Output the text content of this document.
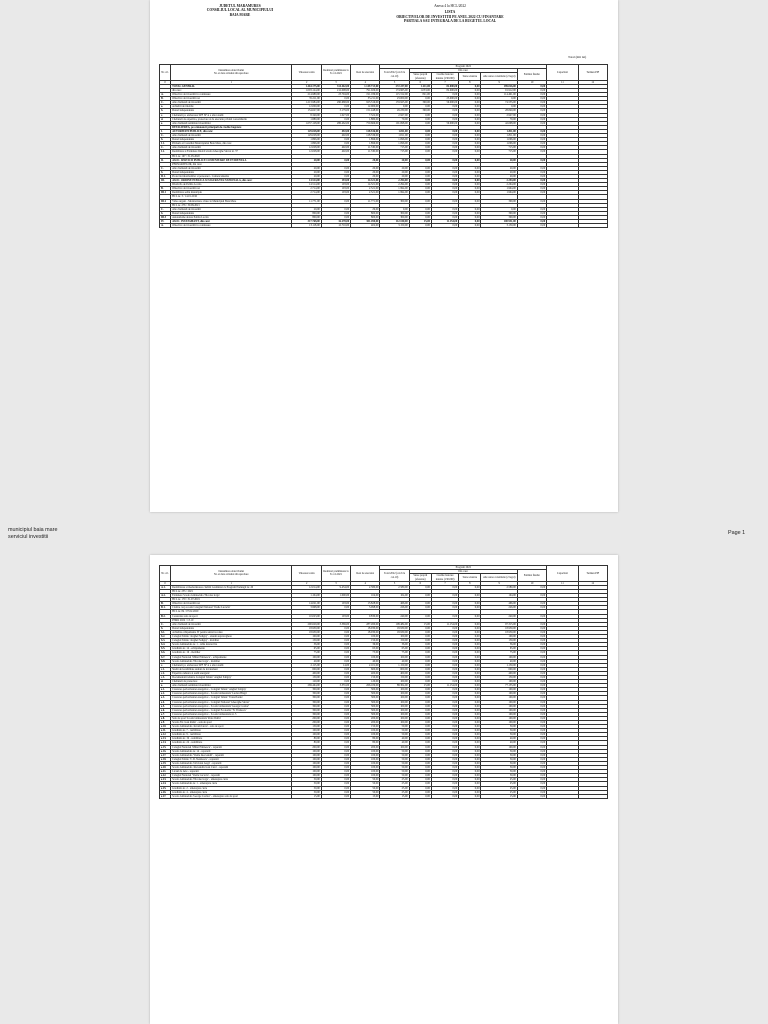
JUDETUL MARAMURES
CONSILIUL LOCAL AL MUNICIPIULUI
BAIA MARE
Anexa 4 la HCL/2022
LISTA
OBIECTIVELOR DE INVESTITII PE ANUL 2022 CU FINANTARE
PARTIALA SAU INTEGRALA DE LA BUGETUL LOCAL
Total (mii lei)
Nr. crt.	Denumirea obiectivului
Nr. si data avizului din aprobare	Valoarea totala	Realizari preliminare la 31.12.2021	Rest de executat	Program 2022						Capacitati	Termen PIF
					Total 2022 (col.6 la col.10)	Din care:				Estimat finaliz.		
						Surse proprii (aferente)	Credite bancare interne (130.000)	Surse externe	Alte surse constituite (2 legal)			
0	1	2	3	4	5	6	7	8	9	10	11	12
	TOTAL GENERAL	1.464.175,00	314.462,00	1.149.713,00	272.237,00	1.211,00	82.000,00	0,00	189.026,00	0,00		
	din care:	1.003.124,00	212.098,00	791.026,00	174.965,00	1.053,00	82.000,00	0,00	91.912,00	0,00		
A.	Obiective de investitii in continuare	214.980,00	23.794,00	191.186,00	115.312,00	821,00	0,00	0,00	114.491,00	0,00		
B.	Obiective de investitii noi	35.211,00	0,00	35.211,00	23.000,00	0,00	23.000,00	0,00	0,00	0,00		
C.	Alte cheltuieli de investitii	1.213.984,00	290.668,00	923.316,00	133.925,00	390,00	59.000,00	0,00	74.535,00	0,00		
a.	Achizitii de imobile	12.000,00	0,00	12.000,00	0,00	0,00	0,00	0,00	0,00	0,00		
b.	Dotari independente	154.627,00	3.179,00	151.448,00	29.230,00	390,00	0,00	0,00	28.840,00	0,00		
c.	Cheltuieli pt. elaborarea SPF SF si a altor studii	8.349,00	1.027,00	7.322,00	2.927,00	0,00	0,00	0,00	2.927,00	0,00		
d.	Cheltuieli de expertiza, proiectare si de executie privind consolidarile	1.880,00	0,00	1.880,00	70,00	0,00	0,00	0,00	70,00	0,00		
e.	Alte cheltuieli asimilate investitiilor	1.037.128,00	286.462,00	750.666,00	101.698,00	0,00	59.000,00	0,00	42.698,00	0,00		
	DETALIEREA, pe ordonatori principali de credite bugetare											
I.	AUTORITATI PUBLICE, din care:	129.028,00	492,00	128.536,00	1.811,00	0,00	0,00	0,00	1.811,00	0,00		
C.	Alte cheltuieli de investitii	129.028,00	492,00	128.536,00	1.811,00	0,00	0,00	0,00	1.811,00	0,00		
b.	Dotari independente	1.896,00	0,00	1.896,00	1.096,00	0,00	0,00	0,00	1.096,00	0,00		
I.1.	Primaria si Consiliul Municipiului Baia Mare, din care:	1.896,00	0,00	1.896,00	1.096,00	0,00	0,00	0,00	1.096,00	0,00		
C.	Alte cheltuieli de investitii	12.028,00	492,00	11.536,00	715,00	0,00	0,00	0,00	715,00	0,00		
I.2.	Reabilitare si Extindere Imobil strada Gheorghe Sincai nr. 37	12.028,00	492,00	11.536,00	715,00	0,00	0,00	0,00	715,00	0,00		
	HCL nr. 197 / 31.05.2020											
II.	ASOC. SERVICII PUBLICE COMUNITARE DE EVIDENTA A	20,00	0,00	20,00	20,00	0,00	0,00	0,00	20,00	0,00		
	PERSOANELOR, din care:											
C.	Alte cheltuieli de investitii	20,00	0,00	20,00	20,00	0,00	0,00	0,00	20,00	0,00		
b.	Dotari independente	20,00	0,00	20,00	20,00	0,00	0,00	0,00	20,00	0,00		
II.1.	Protectia informatiilor si persoanei - Camera/sisteme	20,00	0,00	20,00	20,00	0,00	0,00	0,00	20,00	0,00		
III.	ASOC. ORDINE PUBLICA SI SIGURANTA NATIONALA, din care:	14.514,00	193,00	14.321,00	2.294,00	0,00	0,00	0,00	2.294,00	0,00		
	DIALOG de Politia Locala	14.514,00	193,00	14.321,00	2.294,00	0,00	0,00	0,00	2.294,00	0,00		
B.	Obiective de investitii noi	2.714,00	193,00	2.521,00	1.994,00	0,00	0,00	0,00	1.994,00	0,00		
III.1	Reabilitare sediu municipiu	2.714,00	193,00	2.521,00	1.994,00	0,00	0,00	0,00	1.994,00	0,00		
	HCL nr. 3 / 14.01.2016											
III.2	Video urgent - Monitorizare video in Municipiul Baia Mare	11.771,00	0,00	11.771,00	300,00	0,00	0,00	0,00	300,00	0,00		
	HCL nr. 276 / 30.09.2021											
C.	Alte cheltuieli de investitii	29,00	0,00	29,00	0,00	0,00	0,00	0,00	0,00	0,00		
b.	Dotari independente	800,00	0,00	800,00	300,00	0,00	0,00	0,00	300,00	0,00		
III.3	Autoturisme dotare Politia Locala	800,00	0,00	800,00	300,00	0,00	0,00	0,00	300,00	0,00		
IV.	ASOC. INVATAMANT, din care:	317.768,00	16.278,00	301.490,00	112.100,00	15,00	11.154,00	0,00	100.931,00	0,00		
A.	Obiective de investitii in continuare	13.118,00	12.716,00	402,00	3.150,00	0,00	0,00	0,00	3.150,00	0,00		
Nr. crt.	Denumirea obiectivului
Nr. si data avizului din aprobare	Valoarea totala	Realizari preliminare la 31.12.2021	Rest de executat	Program 2022						Capacitati	Termen PIF
					Total 2022 (col.6 la col.10)	Din care:				Estimat finaliz.		
						Surse proprii (aferente)	Credite bancare interne (130.000)	Surse externe	Alte surse constituite (2 legal)			
0	1	2	3	4	5	6	7	8	9	10	11	12
A.1.	Reabilitarea si modernizarea cladirii Gradinitei cu Program Prelungit nr. 20	12.014,00	9.434,00	2.580,00	2.580,00	0,00	0,00	0,00	2.580,00	0,00		
	HCL nr. 235 / 2021											
A.2.	Extindere Scoala Gimnaziala 'Nicolae Iorga'	1.104,00	1.000,00	104,00	104,00	0,00	0,00	0,00	104,00	0,00		
	HCL nr. 170 / 31.07.2019											
B.	Obiective de investitii noi	14.021,00	193,00	13.828,00	466,00	0,00	0,00	0,00	466,00	0,00		
B.1.	Cladire corp scoala Colegiul National 'Vasile Lucaciu'	3.998,00	0,00	3.998,00	226,00	0,00	0,00	0,00	226,00	0,00		
	HCL nr. 84 / 07.02.2020											
B.2.	Construire sala de sport	10.023,00	193,00	9.830,00	240,00	0,00	0,00	0,00	240,00	0,00		
	PNRR 2022 / 13.10											
C.	Alte cheltuieli de investitii	290.629,00	3.369,00	287.260,00	108.484,00	15,00	11.154,00	0,00	97.315,00	0,00		
b.	Dotari independente	18.930,00	0,00	18.930,00	18.930,00	0,00	0,00	0,00	18.930,00	0,00		
b.1.	Achizitie echipamente IT pentru unitati scolare	18.930,00	0,00	18.930,00	18.930,00	0,00	0,00	0,00	18.930,00	0,00		
b.2.	Colegiul Tehnic 'Anghel Saligny' - sistem supraveghere	100,00	0,00	100,00	100,00	0,00	0,00	0,00	100,00	0,00		
b.3.	Colegiul Tehnic 'Anghel Saligny' - mobilier	150,00	0,00	150,00	150,00	0,00	0,00	0,00	150,00	0,00		
b.4.	Scoala Gimnaziala nr. 1 - tabla interactiva	36,00	0,00	36,00	36,00	0,00	0,00	0,00	36,00	0,00		
b.5.	Gradinita nr. 14 - echipamente	65,00	0,00	65,00	65,00	0,00	0,00	0,00	65,00	0,00		
b.6.	Gradinita nr. 16 - mobilier	75,00	0,00	75,00	75,00	0,00	0,00	0,00	75,00	0,00		
b.7.	Colegiul National 'Mihai Eminescu' - echipamente	100,00	0,00	100,00	100,00	0,00	0,00	0,00	100,00	0,00		
b.8.	Scoala Gimnaziala 'Nicolae Iorga' - mobilier	40,00	0,00	40,00	40,00	0,00	0,00	0,00	40,00	0,00		
c.	Cheltuieli pt. elaborarea SPF SF si a altor studii	2.115,00	14,00	2.101,00	1.150,00	0,00	0,00	0,00	1.150,00	0,00		
c.1.	Studii de fezabilitate unitati de invatamant	600,00	0,00	600,00	600,00	0,00	0,00	0,00	600,00	0,00		
c.2.	Expertiza tehnica si audit energetic	400,00	0,00	400,00	400,00	0,00	0,00	0,00	400,00	0,00		
c.3.	Documentatii tehnice Colegiul Tehnic 'Anghel Saligny'	150,00	0,00	150,00	150,00	0,00	0,00	0,00	150,00	0,00		
d.	Cheltuieli de proiectare	120,00	0,00	120,00	100,00	0,00	0,00	0,00	100,00	0,00		
e.	Alte cheltuieli asimilate investitiilor	269.464,00	3.355,00	266.109,00	88.304,00	15,00	11.154,00	0,00	77.135,00	0,00		
e.1.	Cresterea performantei energetice - Colegiul Tehnic 'Anghel Saligny'	300,00	0,00	300,00	100,00	0,00	0,00	0,00	100,00	0,00		
e.2.	Cresterea performantei energetice - Scoala Gimnaziala 'Lucian Blaga'	300,00	0,00	300,00	100,00	0,00	0,00	0,00	100,00	0,00		
e.3.	Cresterea performantei energetice - Colegiul Tehnic 'Transilvania'	300,00	0,00	300,00	100,00	0,00	0,00	0,00	100,00	0,00		
e.4.	Cresterea performantei energetice - Colegiul National 'Gheorghe Sincai'	300,00	0,00	300,00	100,00	0,00	0,00	0,00	100,00	0,00		
e.5.	Cresterea performantei energetice - Scoala Gimnaziala 'George Cosbuc'	300,00	0,00	300,00	100,00	0,00	0,00	0,00	100,00	0,00		
e.6.	Cresterea performantei energetice - Colegiul Economic 'N. Titulescu'	300,00	0,00	300,00	100,00	0,00	0,00	0,00	100,00	0,00		
e.7.	Cresterea performantei energetice - Scoala Gimnaziala nr. 5	300,00	0,00	300,00	100,00	0,00	0,00	0,00	100,00	0,00		
e.8.	Sala de sport Scoala Gimnaziala 'Petre Dulfu'	200,00	0,00	200,00	100,00	0,00	0,00	0,00	100,00	0,00		
e.9.	Scoala 'Dr. Ioan Ratiu' - sala de sport	200,00	0,00	200,00	100,00	0,00	0,00	0,00	100,00	0,00		
e.10.	Scoala Gimnaziala 'Avram Iancu' - sala de sport	150,00	0,00	150,00	50,00	0,00	0,00	0,00	50,00	0,00		
e.11.	Gradinita nr. 7 - reabilitare	100,00	0,00	100,00	50,00	0,00	0,00	0,00	50,00	0,00		
e.12.	Gradinita nr. 9 - reabilitare	100,00	0,00	100,00	50,00	0,00	0,00	0,00	50,00	0,00		
e.13.	Gradinita nr. 19 - reabilitare	80,00	0,00	80,00	40,00	0,00	0,00	0,00	40,00	0,00		
e.14.	Gradinita nr. 24 - reabilitare	80,00	0,00	80,00	40,00	0,00	0,00	0,00	40,00	0,00		
e.15.	Colegiul National 'Mihai Eminescu' - reparatii	200,00	0,00	200,00	100,00	0,00	0,00	0,00	100,00	0,00		
e.16.	Scoala Gimnaziala nr. 14 - reparatii	100,00	0,00	100,00	50,00	0,00	0,00	0,00	50,00	0,00		
e.17.	Scoala Gimnaziala 'Vasile Alecsandri' - reparatii	100,00	0,00	100,00	50,00	0,00	0,00	0,00	50,00	0,00		
e.18.	Colegiul Tehnic 'C.D. Nenitescu' - reparatii	100,00	0,00	100,00	50,00	0,00	0,00	0,00	50,00	0,00		
e.19.	Scoala Gimnaziala 'Octavian Goga' - reparatii	100,00	0,00	100,00	50,00	0,00	0,00	0,00	50,00	0,00		
e.20.	Scoala Gimnaziala 'Alexandru Ioan Cuza' - reparatii	100,00	0,00	100,00	50,00	0,00	0,00	0,00	50,00	0,00		
e.21.	Liceul de Arte - reparatii	100,00	0,00	100,00	50,00	0,00	0,00	0,00	50,00	0,00		
e.22.	Colegiul National 'Vasile Lucaciu' - reparatii	100,00	0,00	100,00	50,00	0,00	0,00	0,00	50,00	0,00		
e.23.	Scoala Gimnaziala 'Nicolae Iorga' - amenajare curte	50,00	0,00	50,00	25,00	0,00	0,00	0,00	25,00	0,00		
e.24.	Scoala Gimnaziala nr. 1 - amenajare curte	50,00	0,00	50,00	25,00	0,00	0,00	0,00	25,00	0,00		
e.25.	Gradinita nr. 2 - amenajare curte	50,00	0,00	50,00	25,00	0,00	0,00	0,00	25,00	0,00		
e.26.	Gradinita nr. 4 - amenajare curte	50,00	0,00	50,00	25,00	0,00	0,00	0,00	25,00	0,00		
e.27.	Scoala Gimnaziala 'George Cosbuc' - amenajare sala de sport	15,00	0,00	15,00	15,00	0,00	0,00	0,00	15,00	0,00		
municipiul baia mare
serviciul investitii
Page 1
